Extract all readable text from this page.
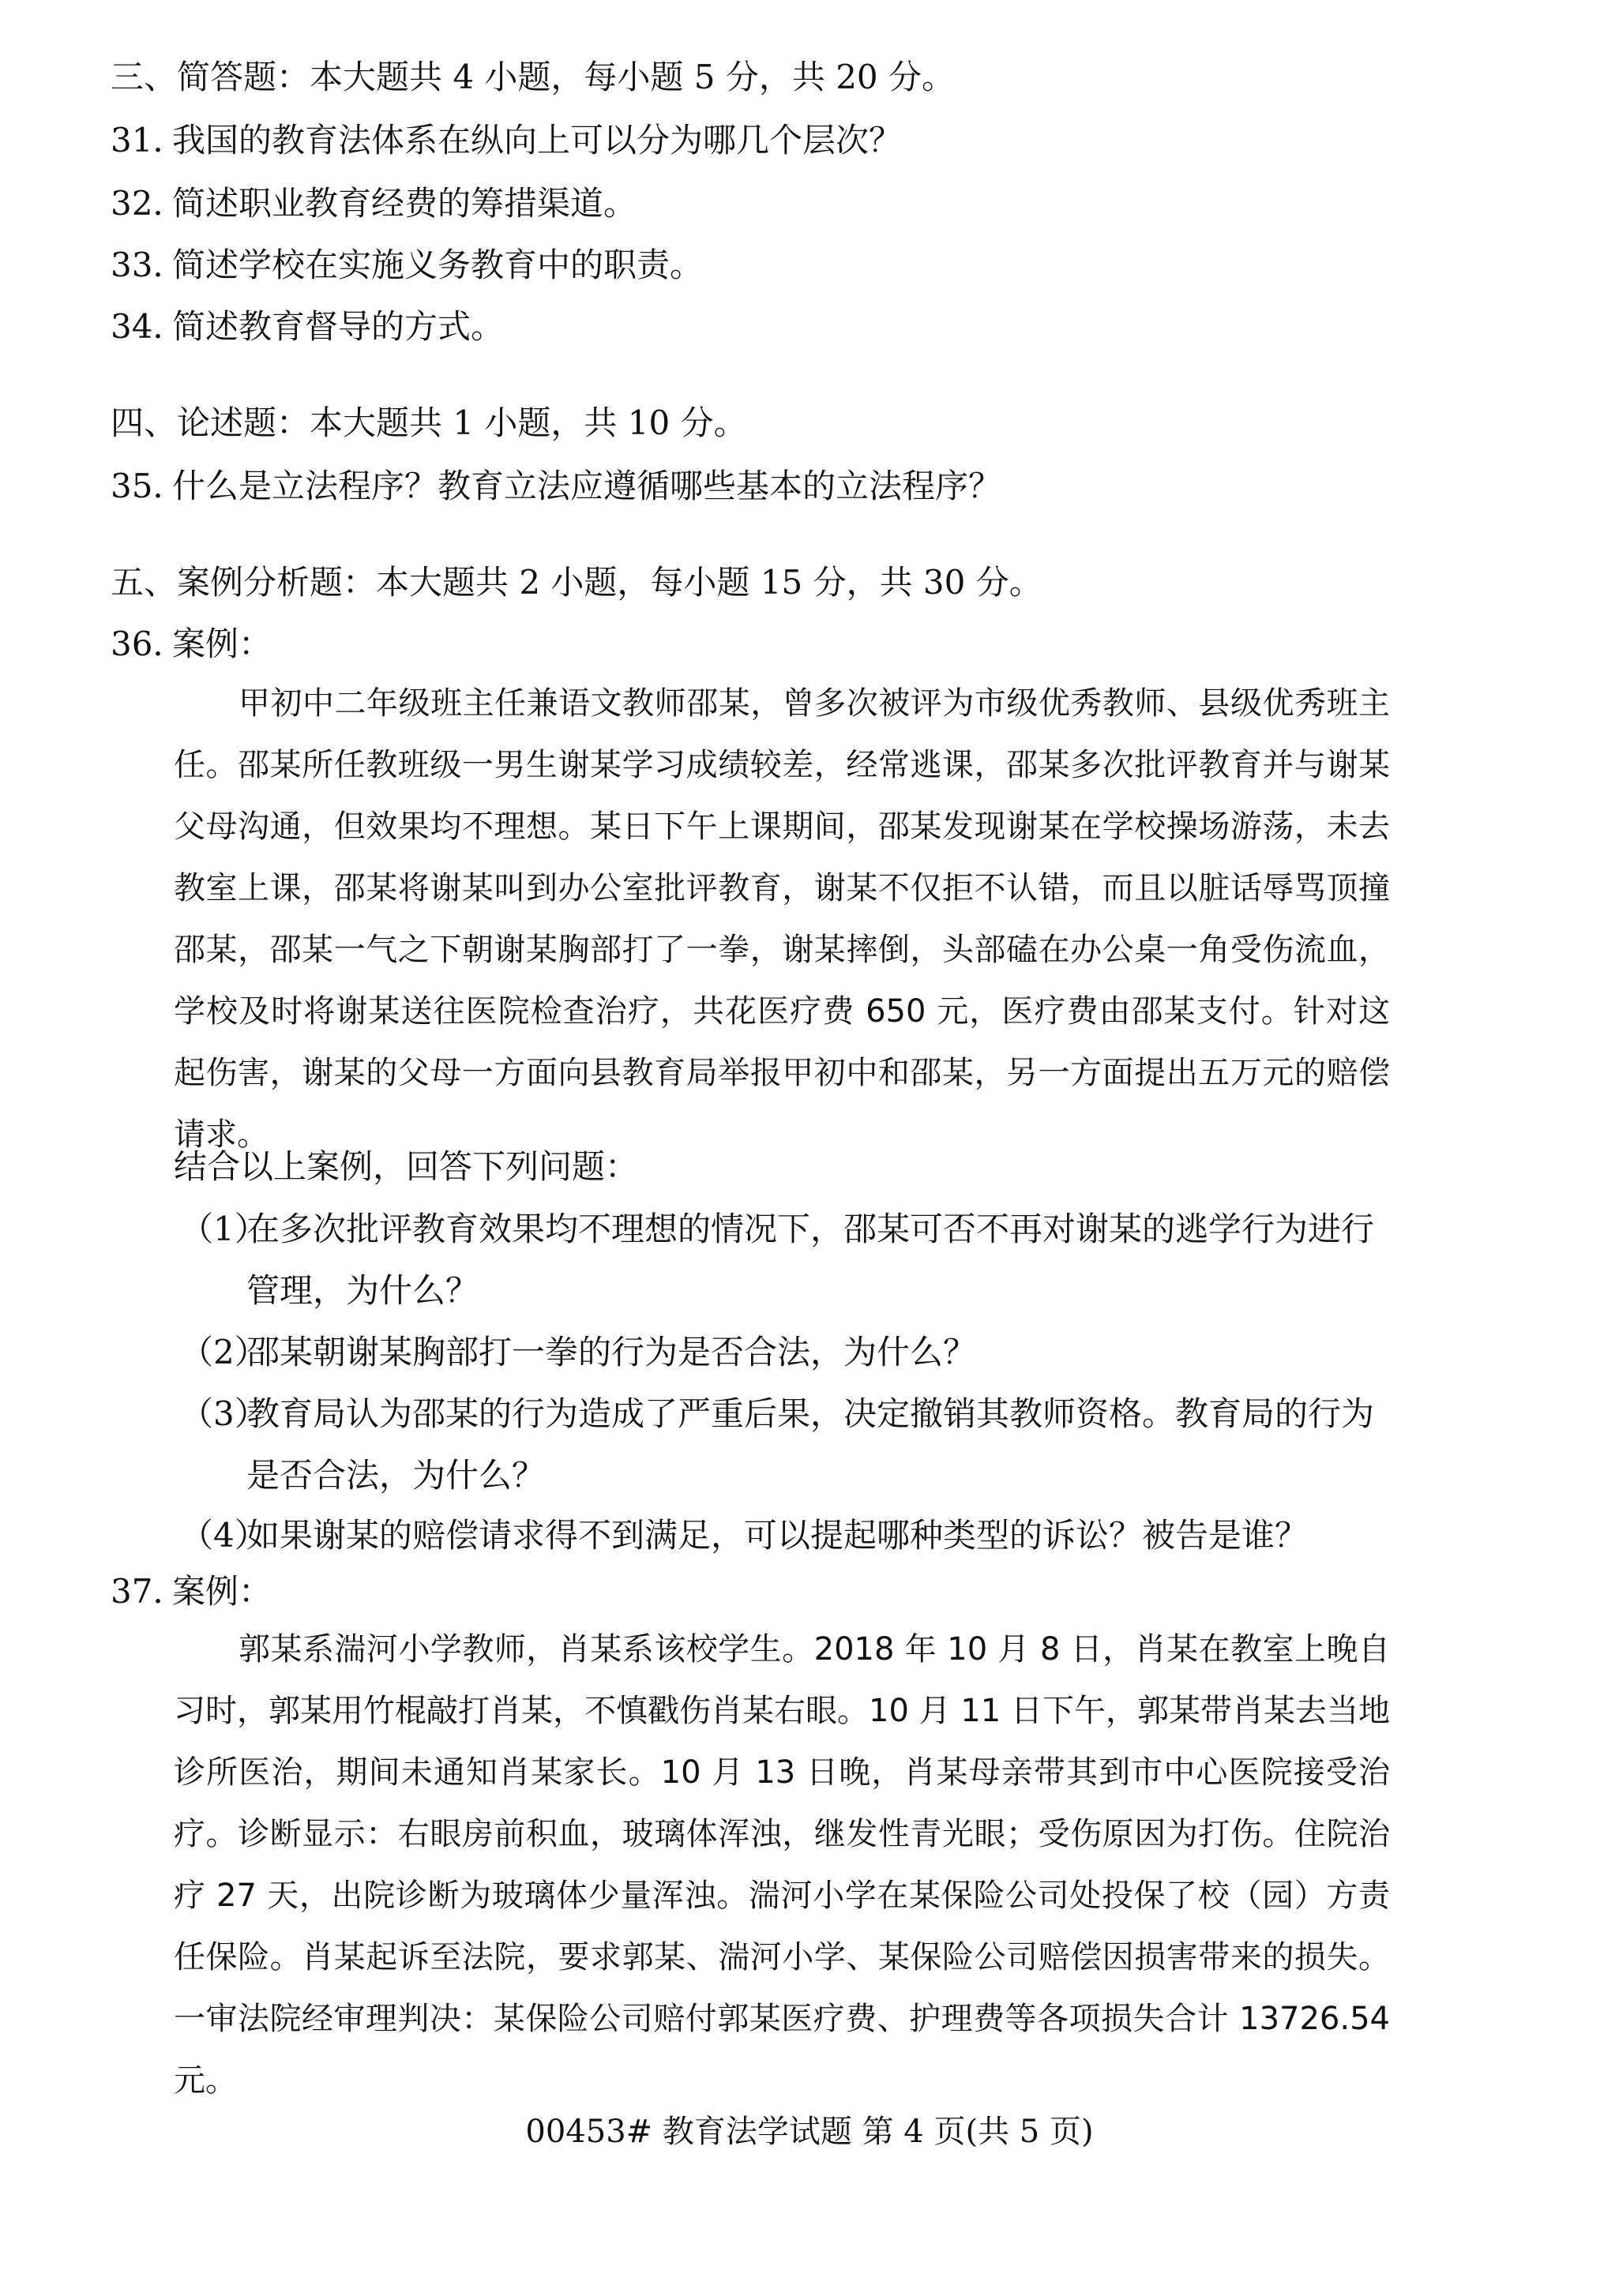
三、简答题：本大题共 4 小题，每小题 5 分，共 20 分。
31．我国的教育法体系在纵向上可以分为哪几个层次？
32．简述职业教育经费的筹措渠道。
33．简述学校在实施义务教育中的职责。
34．简述教育督导的方式。
四、论述题：本大题共 1 小题，共 10 分。
35．什么是立法程序？教育立法应遵循哪些基本的立法程序？
五、案例分析题：本大题共 2 小题，每小题 15 分，共 30 分。
36．案例：

甲初中二年级班主任兼语文教师邵某，曾多次被评为市级优秀教师、县级优秀班主任。邵某所任教班级一男生谢某学习成绩较差，经常逃课，邵某多次批评教育并与谢某父母沟通，但效果均不理想。某日下午上课期间，邵某发现谢某在学校操场游荡，未去教室上课，邵某将谢某叫到办公室批评教育，谢某不仅拒不认错，而且以脏话辱骂顶撞邵某，邵某一气之下朝谢某胸部打了一拳，谢某摔倒，头部磕在办公桌一角受伤流血，学校及时将谢某送往医院检查治疗，共花医疗费 650 元，医疗费由邵某支付。针对这起伤害，谢某的父母一方面向县教育局举报甲初中和邵某，另一方面提出五万元的赔偿请求。

结合以上案例，回答下列问题：
（1）
在多次批评教育效果均不理想的情况下，邵某可否不再对谢某的逃学行为进行管理，为什么？
（2）
邵某朝谢某胸部打一拳的行为是否合法，为什么？
（3）
教育局认为邵某的行为造成了严重后果，决定撤销其教师资格。教育局的行为是否合法，为什么？
（4）
如果谢某的赔偿请求得不到满足，可以提起哪种类型的诉讼？被告是谁？
37．案例：

郭某系湍河小学教师，肖某系该校学生。2018 年 10 月 8 日，肖某在教室上晚自习时，郭某用竹棍敲打肖某，不慎戳伤肖某右眼。10 月 11 日下午，郭某带肖某去当地诊所医治，期间未通知肖某家长。10 月 13 日晚，肖某母亲带其到市中心医院接受治疗。诊断显示：右眼房前积血，玻璃体浑浊，继发性青光眼；受伤原因为打伤。住院治疗 27 天，出院诊断为玻璃体少量浑浊。湍河小学在某保险公司处投保了校（园）方责任保险。肖某起诉至法院，要求郭某、湍河小学、某保险公司赔偿因损害带来的损失。一审法院经审理判决：某保险公司赔付郭某医疗费、护理费等各项损失合计 13726.54 元。

00453# 教育法学试题 第 4 页(共 5 页)
